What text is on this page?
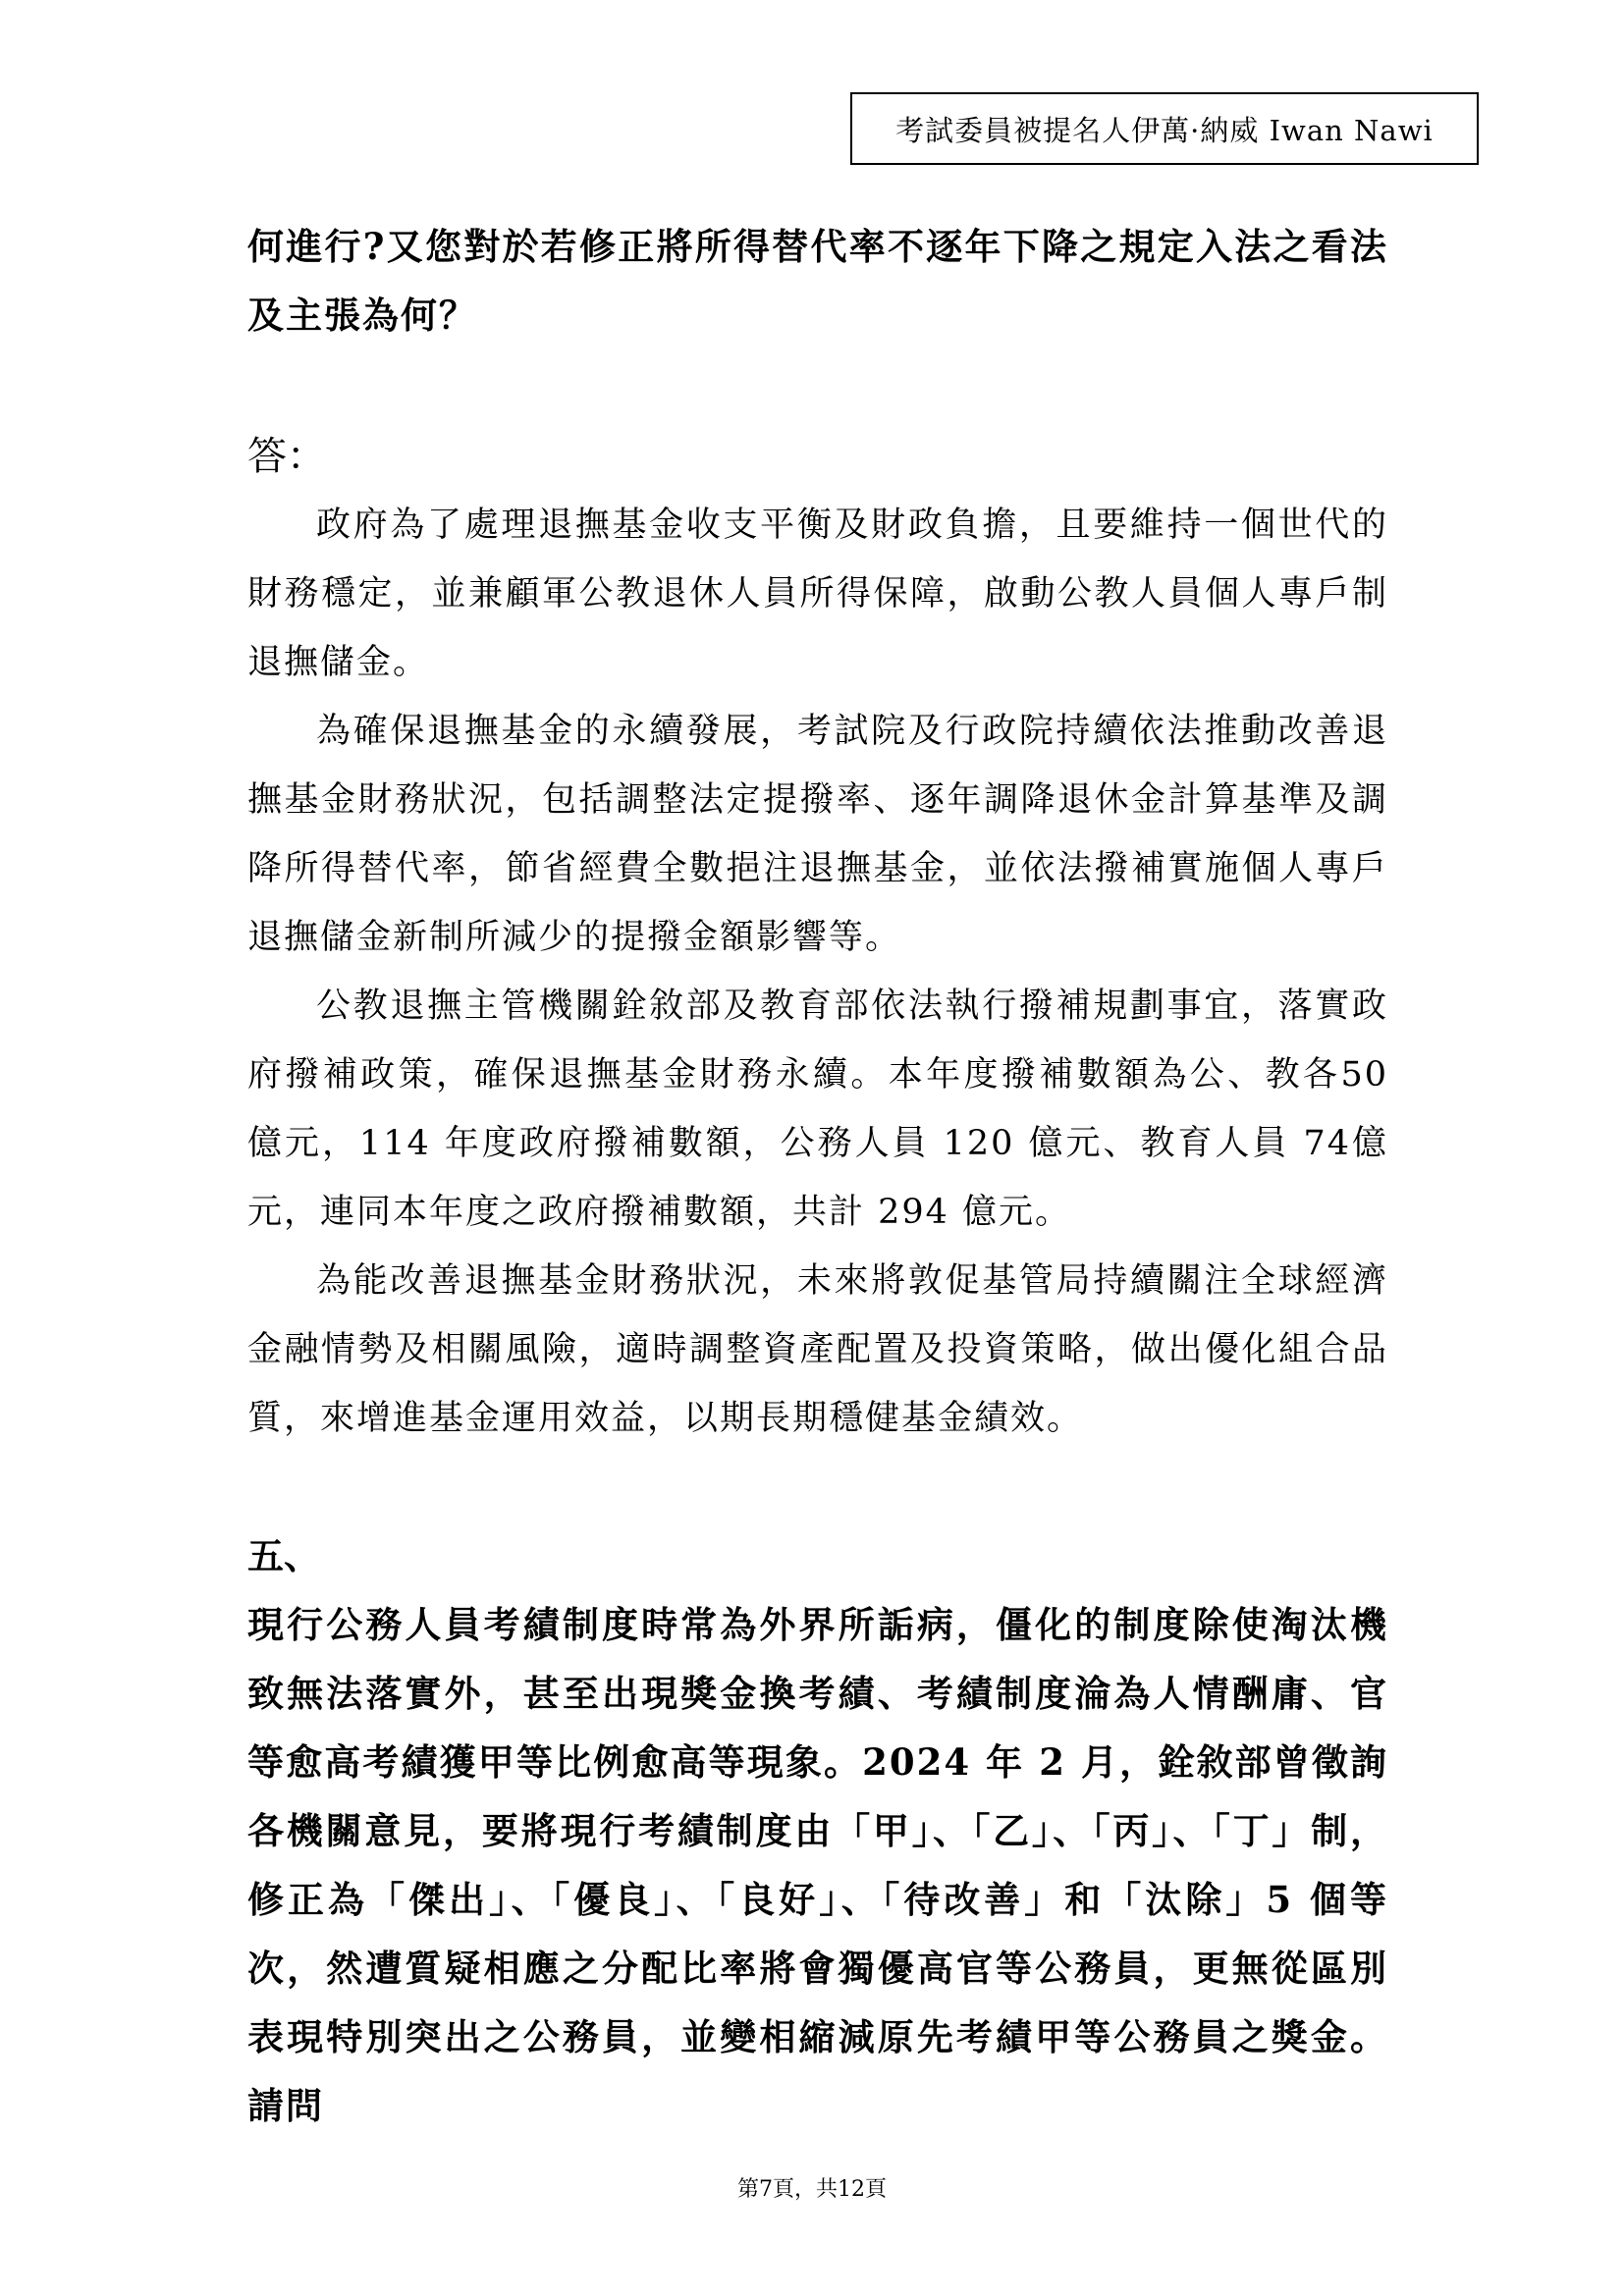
考試委員被提名人伊萬·納威 Iwan Nawi

何進行?又您對於若修正將所得替代率不逐年下降之規定入法之看法及主張為何？

答：

政府為了處理退撫基金收支平衡及財政負擔，且要維持一個世代的財務穩定，並兼顧軍公教退休人員所得保障，啟動公教人員個人專戶制退撫儲金。

為確保退撫基金的永續發展，考試院及行政院持續依法推動改善退撫基金財務狀況，包括調整法定提撥率、逐年調降退休金計算基準及調降所得替代率，節省經費全數挹注退撫基金，並依法撥補實施個人專戶退撫儲金新制所減少的提撥金額影響等。

公教退撫主管機關銓敘部及教育部依法執行撥補規劃事宜，落實政府撥補政策，確保退撫基金財務永續。本年度撥補數額為公、教各50 億元，114 年度政府撥補數額，公務人員 120 億元、教育人員 74億元，連同本年度之政府撥補數額，共計 294 億元。

為能改善退撫基金財務狀況，未來將敦促基管局持續關注全球經濟金融情勢及相關風險，適時調整資產配置及投資策略，做出優化組合品質，來增進基金運用效益，以期長期穩健基金績效。

五、

現行公務人員考績制度時常為外界所詬病，僵化的制度除使淘汰機致無法落實外，甚至出現獎金換考績、考績制度淪為人情酬庸、官等愈高考績獲甲等比例愈高等現象。2024 年 2 月，銓敘部曾徵詢各機關意見，要將現行考績制度由「甲」、「乙」、「丙」、「丁」制，修正為「傑出」、「優良」、「良好」、「待改善」和「汰除」5 個等次，然遭質疑相應之分配比率將會獨優高官等公務員，更無從區別表現特別突出之公務員，並變相縮減原先考績甲等公務員之獎金。請問

第7頁，共12頁
